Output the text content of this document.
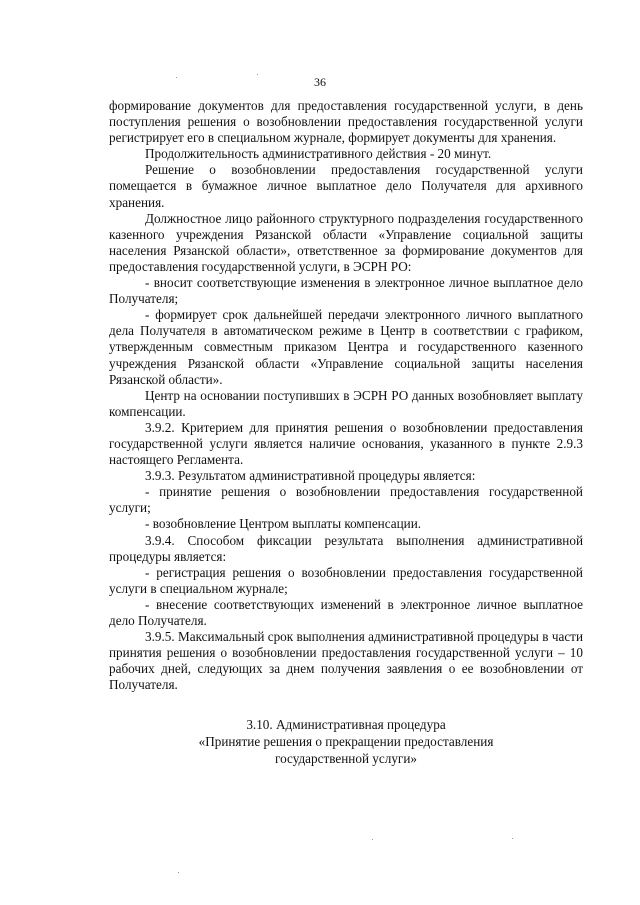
36

формирование документов для предоставления государственной услуги, в день поступления решения о возобновлении предоставления государственной услуги регистрирует его в специальном журнале, формирует документы для хранения.

Продолжительность административного действия - 20 минут.

Решение о возобновлении предоставления государственной услуги помещается в бумажное личное выплатное дело Получателя для архивного хранения.

Должностное лицо районного структурного подразделения государственного казенного учреждения Рязанской области «Управление социальной защиты населения Рязанской области», ответственное за формирование документов для предоставления государственной услуги, в ЭСРН РО:

- вносит соответствующие изменения в электронное личное выплатное дело Получателя;

- формирует срок дальнейшей передачи электронного личного выплатного дела Получателя в автоматическом режиме в Центр в соответствии с графиком, утвержденным совместным приказом Центра и государственного казенного учреждения Рязанской области «Управление социальной защиты населения Рязанской области».

Центр на основании поступивших в ЭСРН РО данных возобновляет выплату компенсации.

3.9.2. Критерием для принятия решения о возобновлении предоставления государственной услуги является наличие основания, указанного в пункте 2.9.3 настоящего Регламента.

3.9.3. Результатом административной процедуры является:

- принятие решения о возобновлении предоставления государственной услуги;

- возобновление Центром выплаты компенсации.

3.9.4. Способом фиксации результата выполнения административной процедуры является:

- регистрация решения о возобновлении предоставления государственной услуги в специальном журнале;

- внесение соответствующих изменений в электронное личное выплатное дело Получателя.

3.9.5. Максимальный срок выполнения административной процедуры в части принятия решения о возобновлении предоставления государственной услуги – 10 рабочих дней, следующих за днем получения заявления о ее возобновлении от Получателя.

3.10. Административная процедура
«Принятие решения о прекращении предоставления
государственной услуги»
